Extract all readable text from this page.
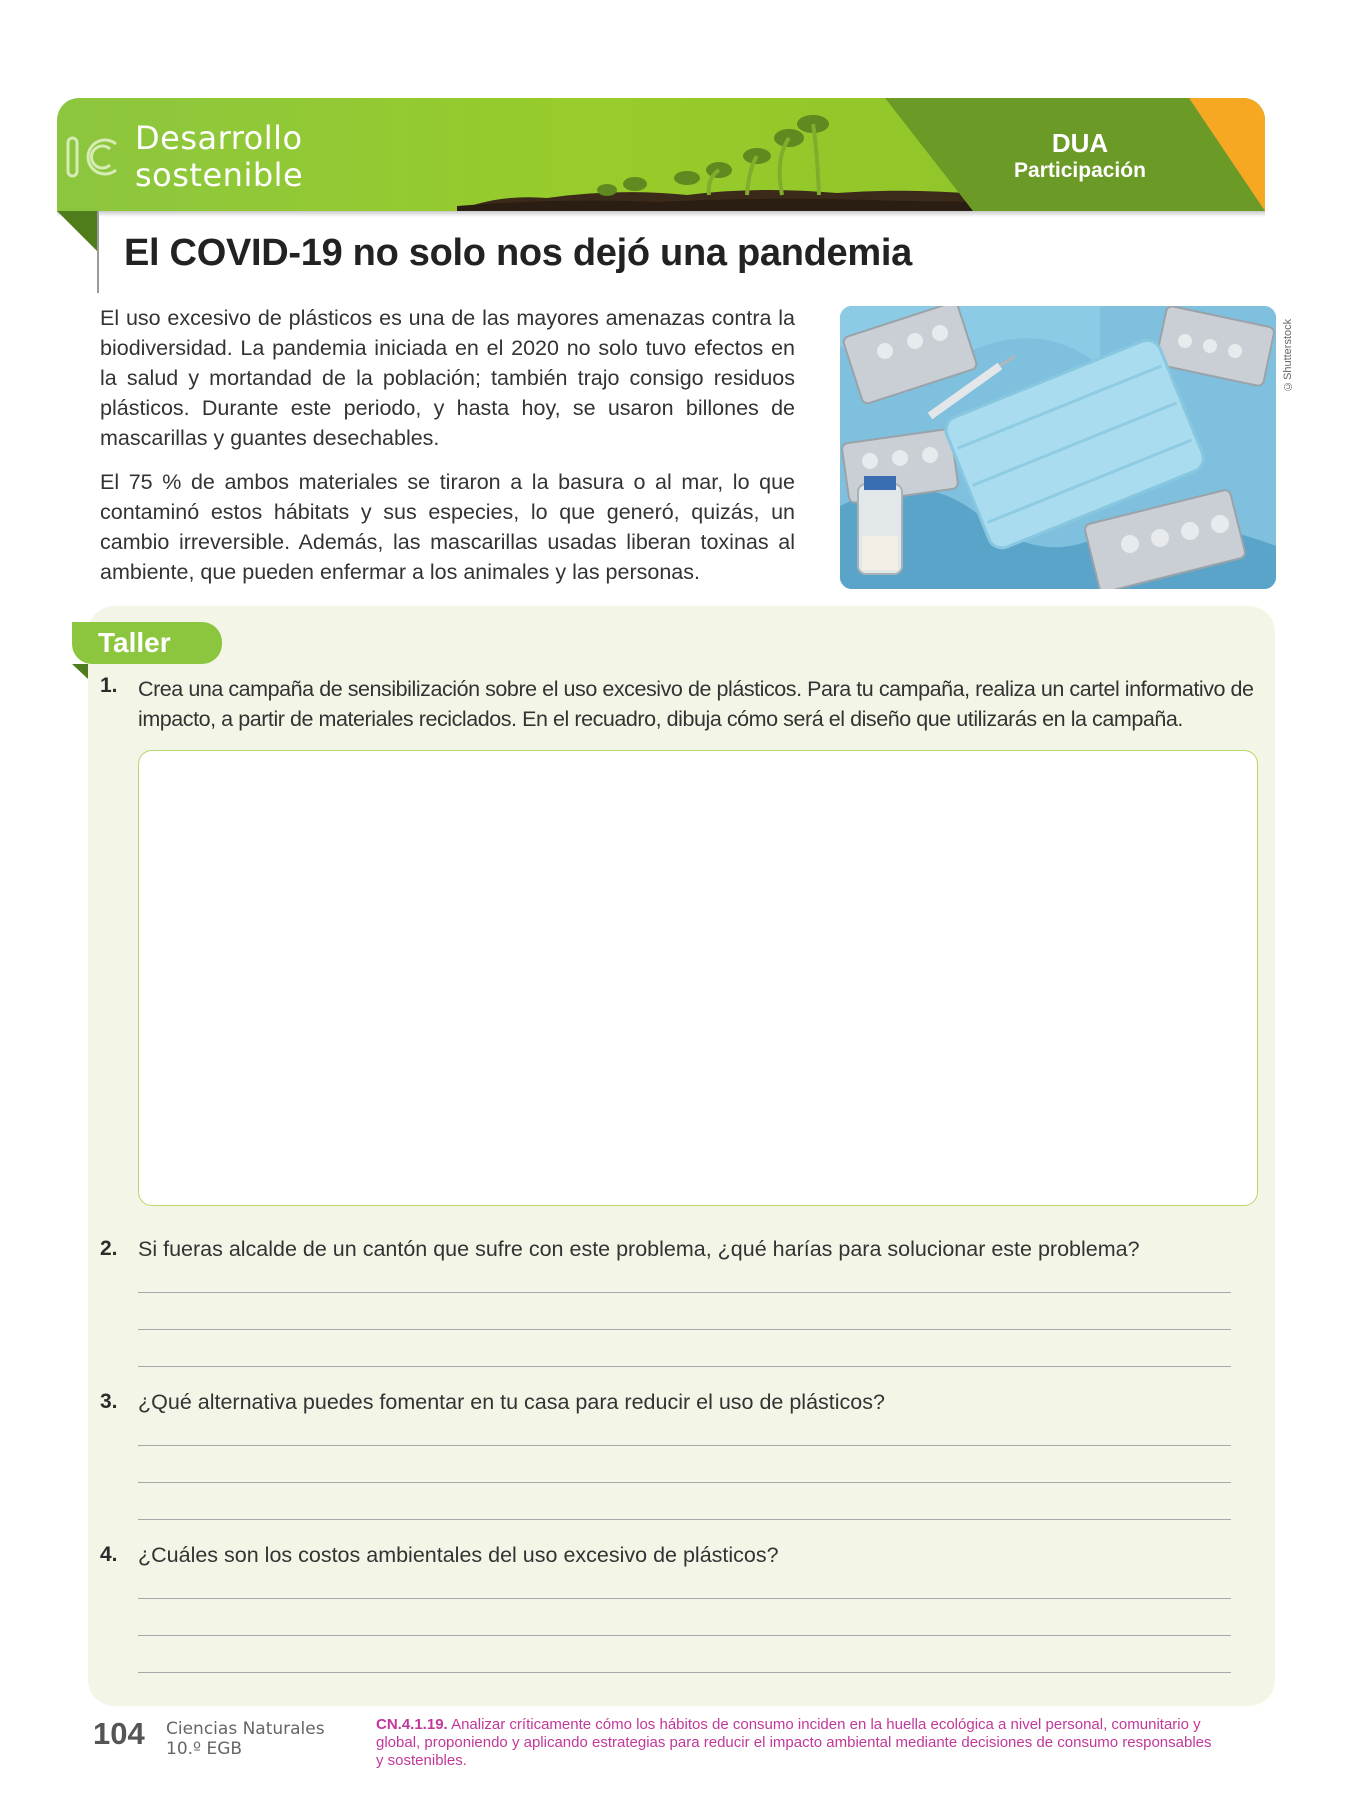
Desarrollo
sostenible
DUA
Participación
El COVID-19 no solo nos dejó una pandemia

El uso excesivo de plásticos es una de las mayores amenazas contra la biodiversidad. La pandemia iniciada en el 2020 no solo tuvo efectos en la salud y mortandad de la población; también trajo consigo residuos plásticos. Durante este periodo, y hasta hoy, se usaron billones de mascarillas y guantes desechables.

El 75 % de ambos materiales se tiraron a la basura o al mar, lo que contaminó estos hábitats y sus especies, lo que generó, quizás, un cambio irreversible. Además, las mascarillas usadas liberan toxinas al ambiente, que pueden enfermar a los animales y las personas.

©Shutterstock
Taller
1. Crea una campaña de sensibilización sobre el uso excesivo de plásticos. Para tu campaña, realiza un cartel informativo de impacto, a partir de materiales reciclados. En el recuadro, dibuja cómo será el diseño que utilizarás en la campaña.
2. Si fueras alcalde de un cantón que sufre con este problema, ¿qué harías para solucionar este problema?
3. ¿Qué alternativa puedes fomentar en tu casa para reducir el uso de plásticos?
4. ¿Cuáles son los costos ambientales del uso excesivo de plásticos?
104 Ciencias Naturales
10.º EGB
CN.4.1.19. Analizar críticamente cómo los hábitos de consumo inciden en la huella ecológica a nivel personal, comunitario y global, proponiendo y aplicando estrategias para reducir el impacto ambiental mediante decisiones de consumo responsables y sostenibles.
